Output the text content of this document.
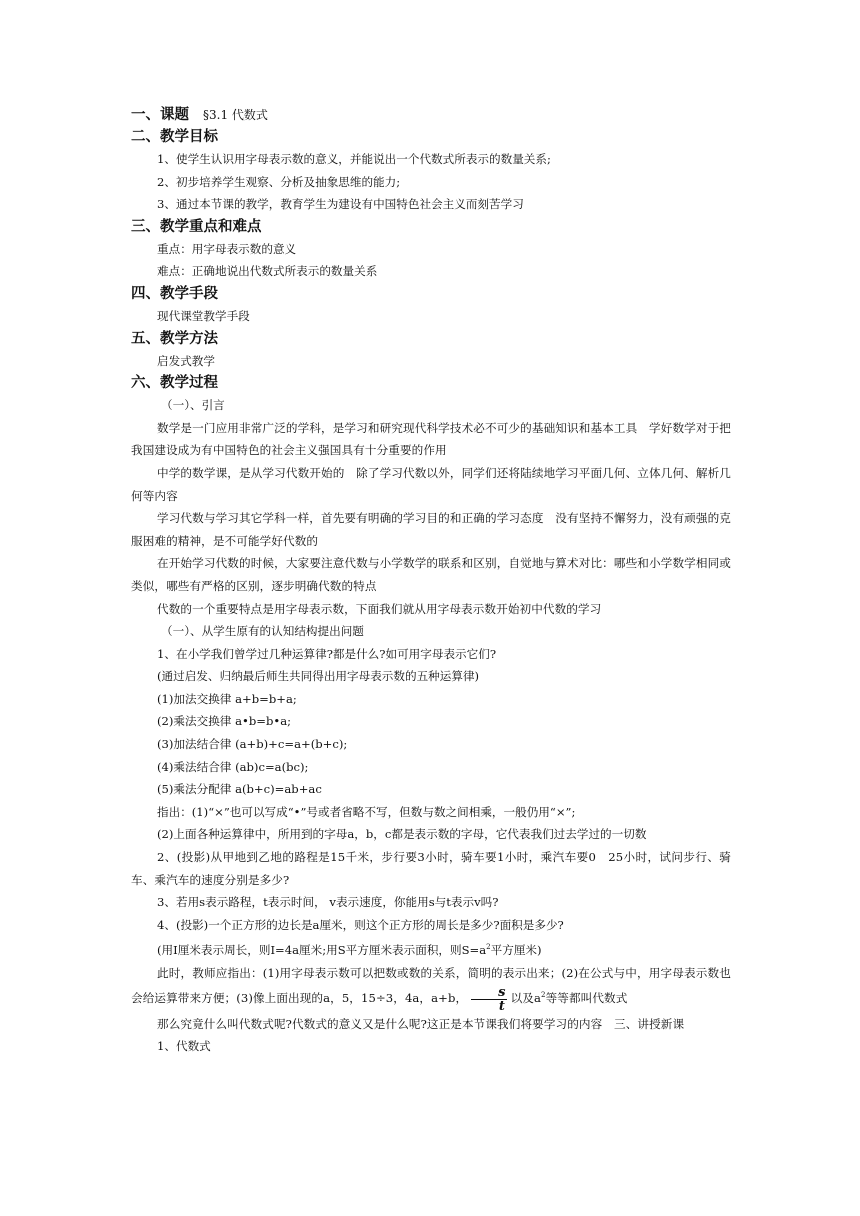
一、课题 §3.1 代数式
二、教学目标
1、使学生认识用字母表示数的意义，并能说出一个代数式所表示的数量关系;
2、初步培养学生观察、分析及抽象思维的能力;
3、通过本节课的教学，教育学生为建设有中国特色社会主义而刻苦学习
三、教学重点和难点
重点：用字母表示数的意义
难点：正确地说出代数式所表示的数量关系
四、教学手段
现代课堂教学手段
五、教学方法
启发式教学
六、教学过程
（一）、引言
数学是一门应用非常广泛的学科，是学习和研究现代科学技术必不可少的基础知识和基本工具　学好数学对于把我国建设成为有中国特色的社会主义强国具有十分重要的作用
中学的数学课，是从学习代数开始的　除了学习代数以外，同学们还将陆续地学习平面几何、立体几何、解析几何等内容
学习代数与学习其它学科一样，首先要有明确的学习目的和正确的学习态度　没有坚持不懈努力，没有顽强的克服困难的精神，是不可能学好代数的
在开始学习代数的时候，大家要注意代数与小学数学的联系和区别，自觉地与算术对比：哪些和小学数学相同或类似，哪些有严格的区别，逐步明确代数的特点
代数的一个重要特点是用字母表示数，下面我们就从用字母表示数开始初中代数的学习
（一）、从学生原有的认知结构提出问题
1、在小学我们曾学过几种运算律?都是什么?如可用字母表示它们?
(通过启发、归纳最后师生共同得出用字母表示数的五种运算律)
(1)加法交换律 a+b=b+a;
(2)乘法交换律 a•b=b•a;
(3)加法结合律 (a+b)+c=a+(b+c);
(4)乘法结合律 (ab)c=a(bc);
(5)乘法分配律 a(b+c)=ab+ac
指出：(1)“×”也可以写成“•”号或者省略不写，但数与数之间相乘，一般仍用“×”;
(2)上面各种运算律中，所用到的字母a，b，c都是表示数的字母，它代表我们过去学过的一切数
2、(投影)从甲地到乙地的路程是15千米，步行要3小时，骑车要1小时，乘汽车要0　25小时，试问步行、骑车、乘汽车的速度分别是多少?
3、若用s表示路程，t表示时间， v表示速度，你能用s与t表示v吗?
4、(投影)一个正方形的边长是a厘米，则这个正方形的周长是多少?面积是多少?
(用I厘米表示周长，则I=4a厘米;用S平方厘米表示面积，则$S=a^2$平方厘米)
此时，教师应指出：(1)用字母表示数可以把数或数的关系，简明的表示出来；(2)在公式与中，用字母表示数也会给运算带来方便；(3)像上面出现的a，5，15÷3，4a，a+b， $\frac{s}{t}$ 以及$a^2$等等都叫代数式
那么究竟什么叫代数式呢?代数式的意义又是什么呢?这正是本节课我们将要学习的内容　三、讲授新课
1、代数式
